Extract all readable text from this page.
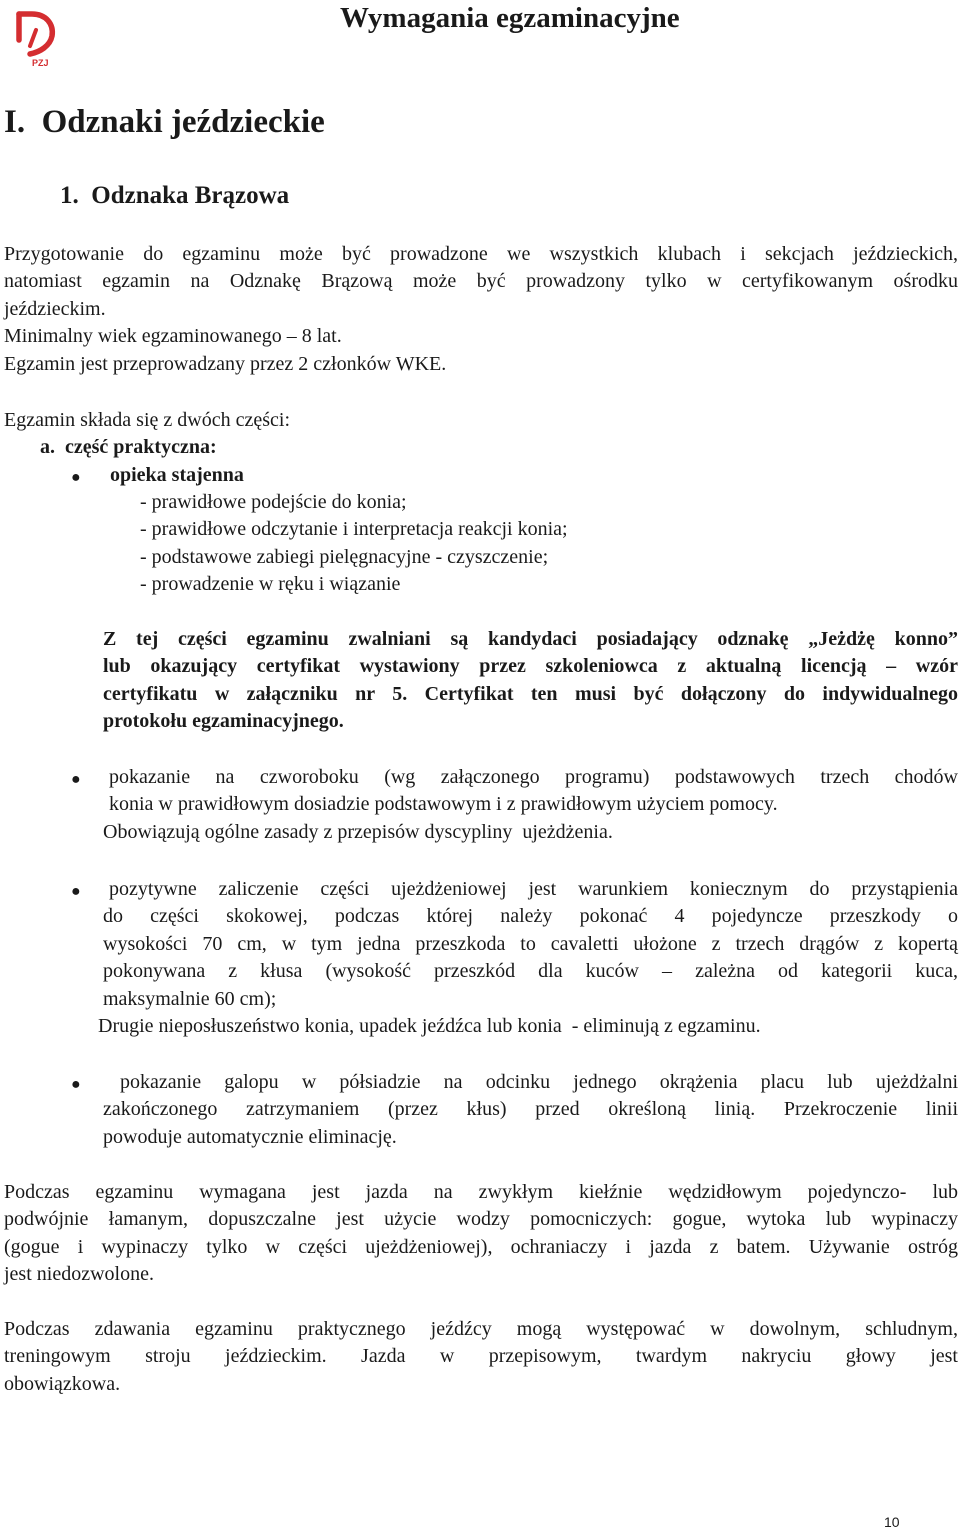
PZJ
Wymagania egzaminacyjne
I.  Odznaki jeździeckie
1.  Odznaka Brązowa
Przygotowanie do egzaminu może być prowadzone we wszystkich klubach i sekcjach jeździeckich,
natomiast egzamin na Odznakę Brązową może być prowadzony tylko w certyfikowanym ośrodku
jeździeckim.
Minimalny wiek egzaminowanego – 8 lat.
Egzamin jest przeprowadzany przez 2 członków WKE.
Egzamin składa się z dwóch części:
a.  część praktyczna:
● opieka stajenna
- prawidłowe podejście do konia;
- prawidłowe odczytanie i interpretacja reakcji konia;
- podstawowe zabiegi pielęgnacyjne - czyszczenie;
- prowadzenie w ręku i wiązanie
Z tej części egzaminu zwalniani są kandydaci posiadający odznakę „Jeżdżę konno”
lub okazujący certyfikat wystawiony przez szkoleniowca z aktualną licencją – wzór
certyfikatu w załączniku nr 5. Certyfikat ten musi być dołączony do indywidualnego
protokołu egzaminacyjnego.
●	pokazanie na czworoboku (wg załączonego programu) podstawowych trzech chodów
konia w prawidłowym dosiadzie podstawowym i z prawidłowym użyciem pomocy.
Obowiązują ogólne zasady z przepisów dyscypliny  ujeżdżenia.
●	pozytywne zaliczenie części ujeżdżeniowej jest warunkiem koniecznym do przystąpienia
do części skokowej, podczas której należy pokonać 4 pojedyncze przeszkody o
wysokości 70 cm, w tym jedna przeszkoda to cavaletti ułożone z trzech drągów z kopertą
pokonywana z kłusa (wysokość przeszkód dla kuców – zależna od kategorii kuca,
maksymalnie 60 cm);
Drugie nieposłuszeństwo konia, upadek jeźdźca lub konia  - eliminują z egzaminu.
●	pokazanie galopu w półsiadzie na odcinku jednego okrążenia placu lub ujeżdżalni
zakończonego zatrzymaniem (przez kłus) przed określoną linią. Przekroczenie linii
powoduje automatycznie eliminację.
Podczas egzaminu wymagana jest jazda na zwykłym kiełźnie wędzidłowym pojedynczo- lub
podwójnie łamanym, dopuszczalne jest użycie wodzy pomocniczych: gogue, wytoka lub wypinaczy
(gogue i wypinaczy tylko w części ujeżdżeniowej), ochraniaczy i jazda z batem. Używanie ostróg
jest niedozwolone.
Podczas zdawania egzaminu praktycznego jeźdźcy mogą występować w dowolnym, schludnym,
treningowym stroju jeździeckim. Jazda w przepisowym, twardym nakryciu głowy jest
obowiązkowa.
10
